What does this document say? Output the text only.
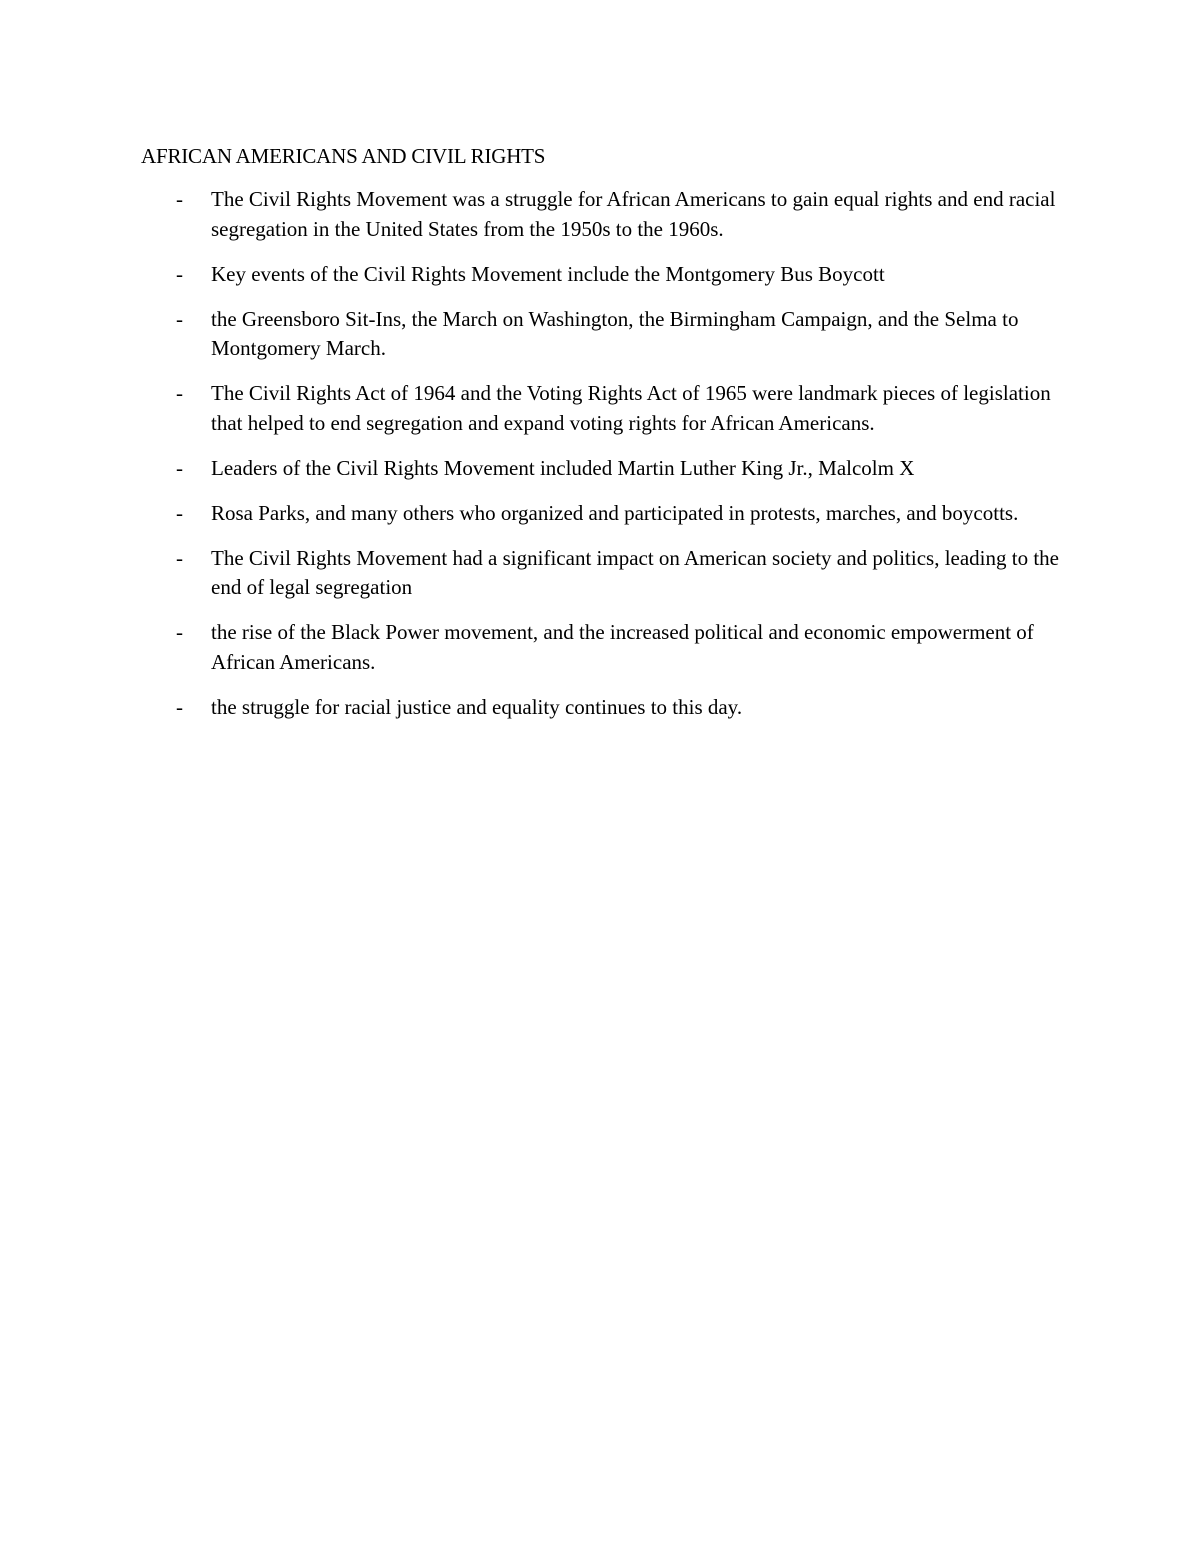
AFRICAN AMERICANS AND CIVIL RIGHTS
- The Civil Rights Movement was a struggle for African Americans to gain equal rights and end racial segregation in the United States from the 1950s to the 1960s.
- Key events of the Civil Rights Movement include the Montgomery Bus Boycott
- the Greensboro Sit-Ins, the March on Washington, the Birmingham Campaign, and the Selma to Montgomery March.
- The Civil Rights Act of 1964 and the Voting Rights Act of 1965 were landmark pieces of legislation that helped to end segregation and expand voting rights for African Americans.
- Leaders of the Civil Rights Movement included Martin Luther King Jr., Malcolm X
- Rosa Parks, and many others who organized and participated in protests, marches, and boycotts.
- The Civil Rights Movement had a significant impact on American society and politics, leading to the end of legal segregation
- the rise of the Black Power movement, and the increased political and economic empowerment of African Americans.
- the struggle for racial justice and equality continues to this day.
